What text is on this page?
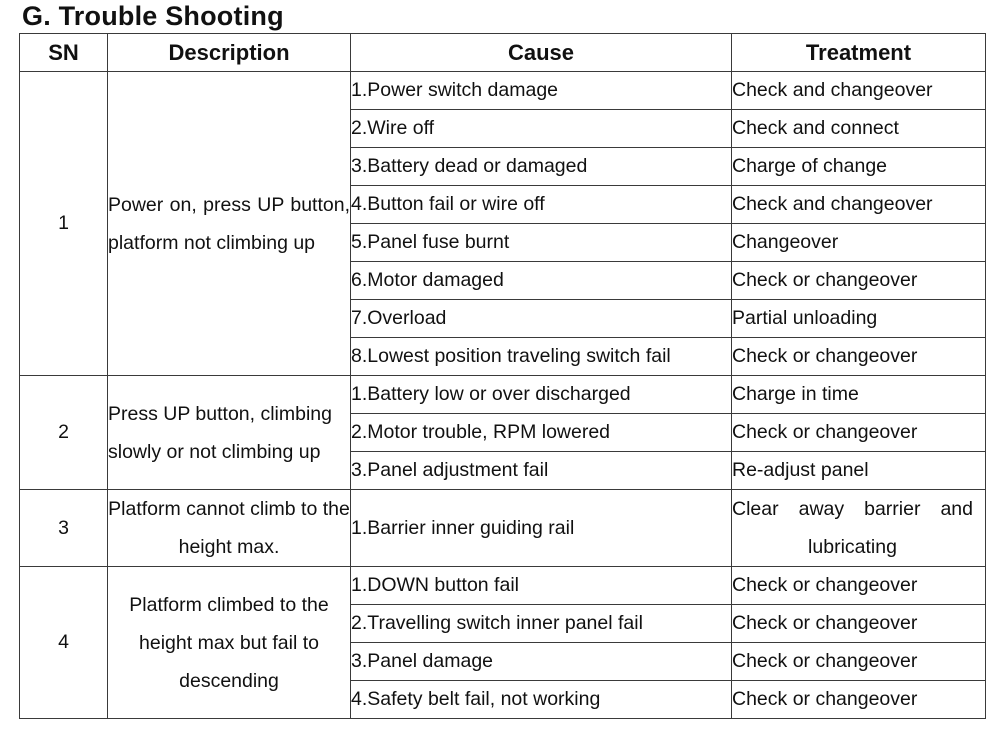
G. Trouble Shooting
SN	Description	Cause	Treatment
1	Power on, press UP button, platform not climbing up	1.Power switch damage	Check and changeover
		2.Wire off	Check and connect
		3.Battery dead or damaged	Charge of change
		4.Button fail or wire off	Check and changeover
		5.Panel fuse burnt	Changeover
		6.Motor damaged	Check or changeover
		7.Overload	Partial unloading
		8.Lowest position traveling switch fail	Check or changeover
2	Press UP button, climbing slowly or not climbing up	1.Battery low or over discharged	Charge in time
		2.Motor trouble, RPM lowered	Check or changeover
		3.Panel adjustment fail	Re-adjust panel
3	Platform cannot climb to the height max.	1.Barrier inner guiding rail	Clear away barrier and lubricating
4	Platform climbed to the height max but fail to descending	1.DOWN button fail	Check or changeover
		2.Travelling switch inner panel fail	Check or changeover
		3.Panel damage	Check or changeover
		4.Safety belt fail, not working	Check or changeover
